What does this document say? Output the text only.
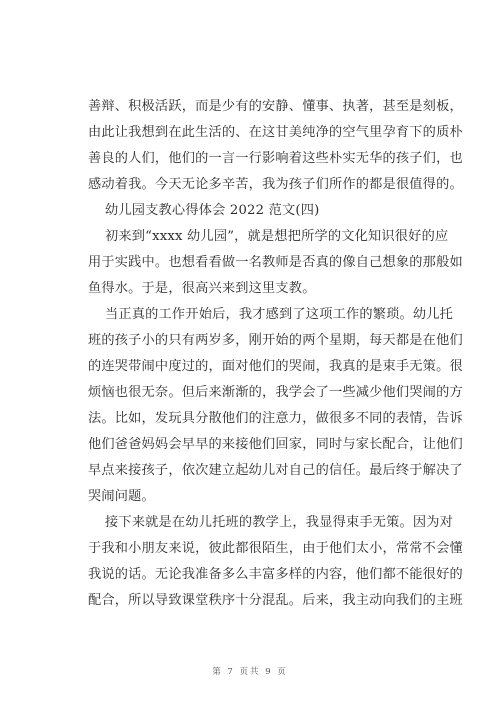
善辩、积极活跃，而是少有的安静、懂事、执著，甚至是刻板，
由此让我想到在此生活的、在这甘美纯净的空气里孕育下的质朴
善良的人们，他们的一言一行影响着这些朴实无华的孩子们，也
感动着我。今天无论多辛苦，我为孩子们所作的都是很值得的。
幼儿园支教心得体会 2022 范文(四)
初来到“xxxx 幼儿园”，就是想把所学的文化知识很好的应
用于实践中。也想看看做一名教师是否真的像自己想象的那般如
鱼得水。于是，很高兴来到这里支教。
当正真的工作开始后，我才感到了这项工作的繁琐。幼儿托
班的孩子小的只有两岁多，刚开始的两个星期，每天都是在他们
的连哭带闹中度过的，面对他们的哭闹，我真的是束手无策。很
烦恼也很无奈。但后来渐渐的，我学会了一些减少他们哭闹的方
法。比如，发玩具分散他们的注意力，做很多不同的表情，告诉
他们爸爸妈妈会早早的来接他们回家，同时与家长配合，让他们
早点来接孩子，依次建立起幼儿对自己的信任。最后终于解决了
哭闹问题。
接下来就是在幼儿托班的教学上，我显得束手无策。因为对
于我和小朋友来说，彼此都很陌生，由于他们太小，常常不会懂
我说的话。无论我准备多么丰富多样的内容，他们都不能很好的
配合，所以导致课堂秩序十分混乱。后来，我主动向我们的主班
第 7 页共 9 页
